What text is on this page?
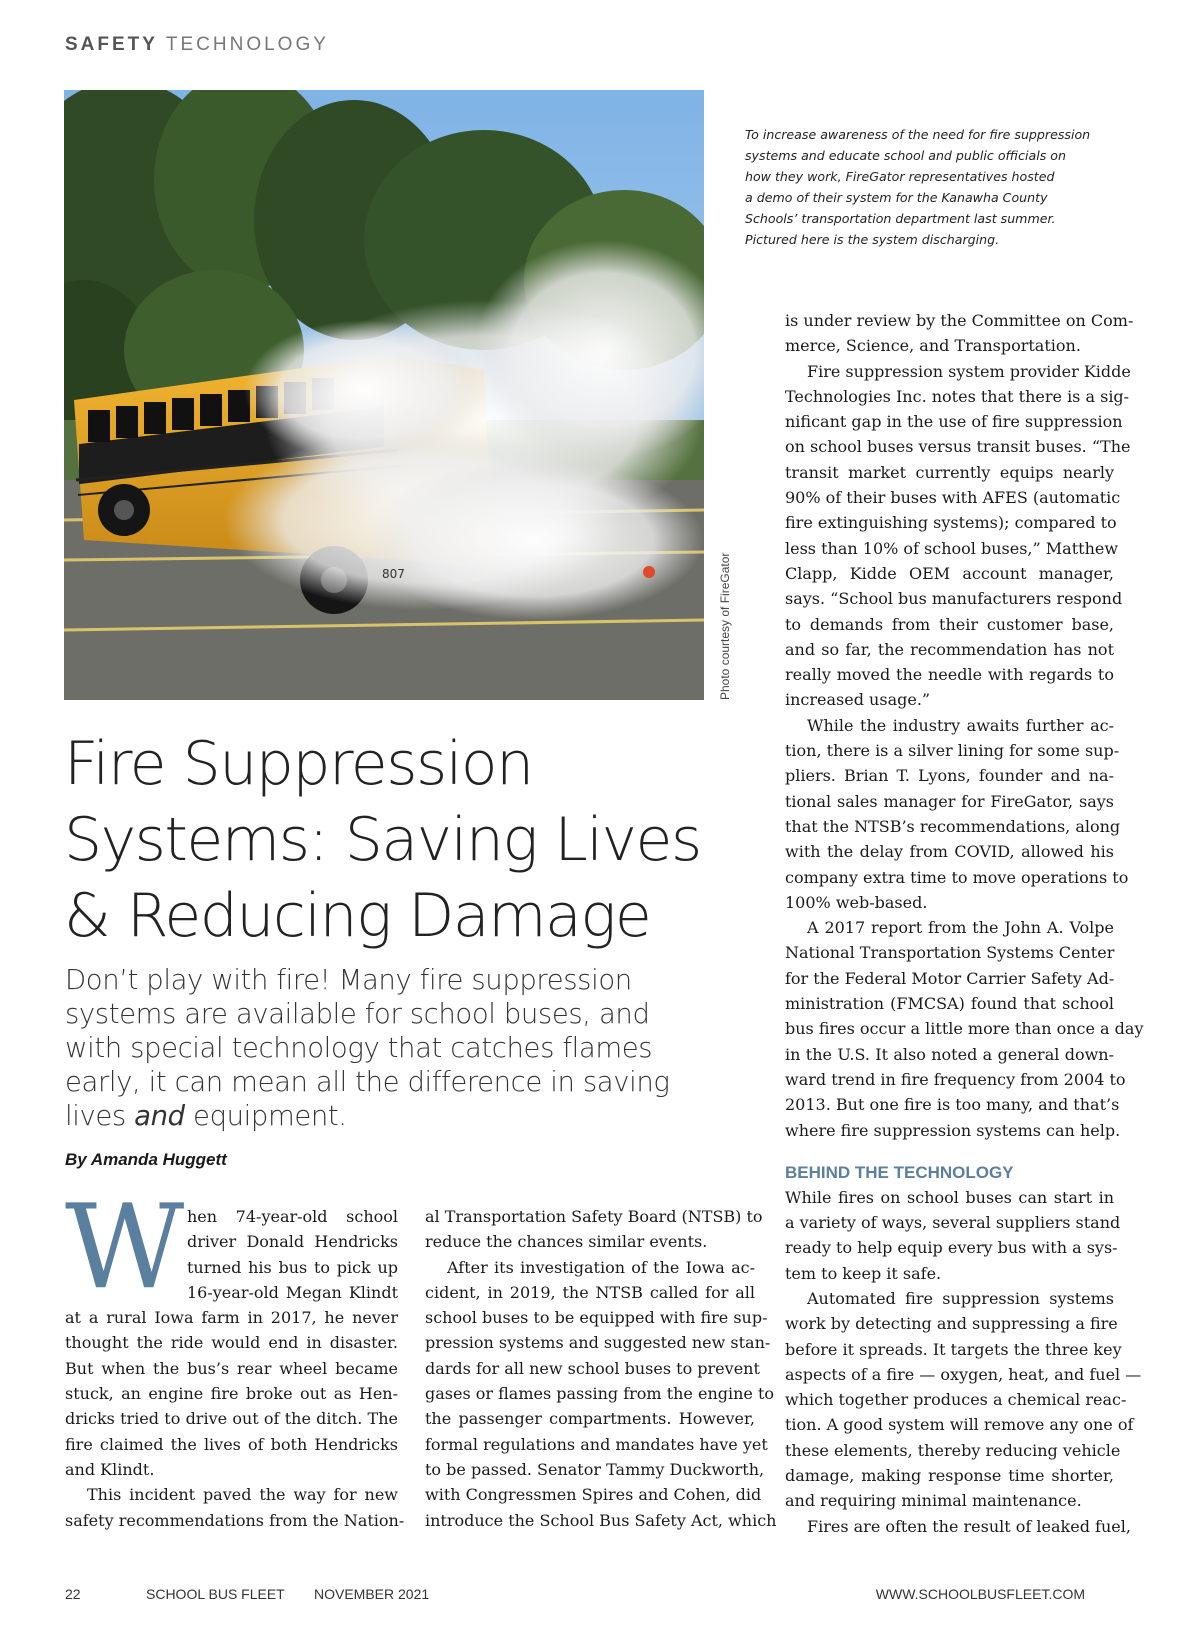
SAFETY TECHNOLOGY
807	Photo courtesy of FireGator

To increase awareness of the need for fire suppression

systems and educate school and public officials on

how they work, FireGator representatives hosted

a demo of their system for the Kanawha County

Schools’ transportation department last summer.

Pictured here is the system discharging.

Fire Suppression

Systems: Saving Lives

& Reducing Damage

Don’t play with fire! Many fire suppression

systems are available for school buses, and

with special technology that catches flames

early, it can mean all the difference in saving

lives and equipment.

By Amanda Huggett
W hen 74-year-old school

driver Donald Hendricks

turned his bus to pick up

16-year-old Megan Klindt

at a rural Iowa farm in 2017, he never

thought the ride would end in disaster.

But when the bus’s rear wheel became

stuck, an engine fire broke out as Hen-

dricks tried to drive out of the ditch. The

fire claimed the lives of both Hendricks

and Klindt.

This incident paved the way for new

safety recommendations from the Nation-

al Transportation Safety Board (NTSB) to

reduce the chances similar events.

After its investigation of the Iowa ac-

cident, in 2019, the NTSB called for all

school buses to be equipped with fire sup-

pression systems and suggested new stan-

dards for all new school buses to prevent

gases or flames passing from the engine to

the passenger compartments. However,

formal regulations and mandates have yet

to be passed. Senator Tammy Duckworth,

with Congressmen Spires and Cohen, did

introduce the School Bus Safety Act, which

is under review by the Committee on Com-

merce, Science, and Transportation.

Fire suppression system provider Kidde

Technologies Inc. notes that there is a sig-

nificant gap in the use of fire suppression

on school buses versus transit buses. “The

transit market currently equips nearly

90% of their buses with AFES (automatic

fire extinguishing systems); compared to

less than 10% of school buses,” Matthew

Clapp, Kidde OEM account manager,

says. “School bus manufacturers respond

to demands from their customer base,

and so far, the recommendation has not

really moved the needle with regards to

increased usage.”

While the industry awaits further ac-

tion, there is a silver lining for some sup-

pliers. Brian T. Lyons, founder and na-

tional sales manager for FireGator, says

that the NTSB’s recommendations, along

with the delay from COVID, allowed his

company extra time to move operations to

100% web-based.

A 2017 report from the John A. Volpe

National Transportation Systems Center

for the Federal Motor Carrier Safety Ad-

ministration (FMCSA) found that school

bus fires occur a little more than once a day

in the U.S. It also noted a general down-

ward trend in fire frequency from 2004 to

2013. But one fire is too many, and that’s

where fire suppression systems can help.

BEHIND THE TECHNOLOGY

While fires on school buses can start in

a variety of ways, several suppliers stand

ready to help equip every bus with a sys-

tem to keep it safe.

Automated fire suppression systems

work by detecting and suppressing a fire

before it spreads. It targets the three key

aspects of a fire — oxygen, heat, and fuel —

which together produces a chemical reac-

tion. A good system will remove any one of

these elements, thereby reducing vehicle

damage, making response time shorter,

and requiring minimal maintenance.

Fires are often the result of leaked fuel,

22	SCHOOL BUS FLEET NOVEMBER 2021	WWW.SCHOOLBUSFLEET.COM
